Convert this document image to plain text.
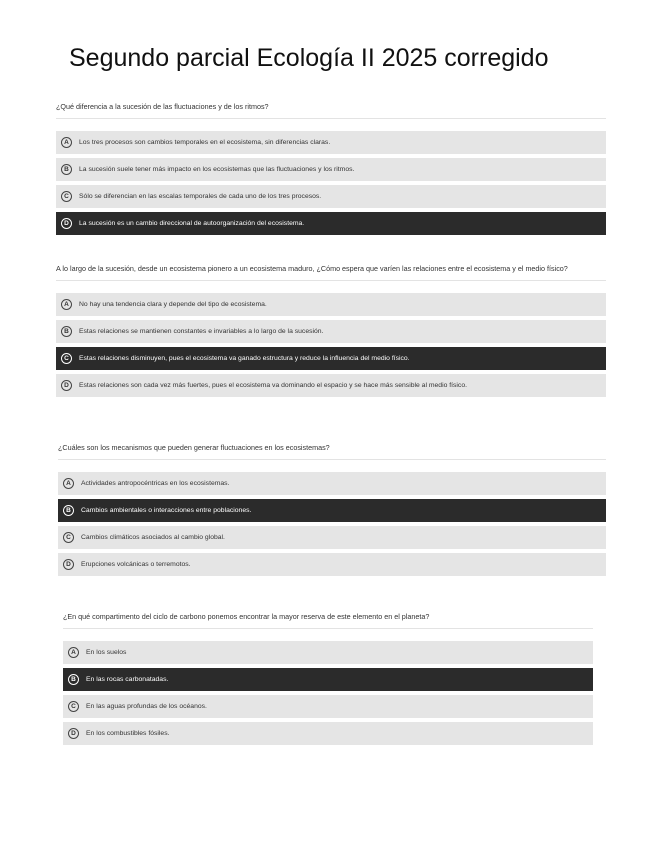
Segundo parcial Ecología II 2025 corregido
¿Qué diferencia a la sucesión de las fluctuaciones y de los ritmos?
A	Los tres procesos son cambios temporales en el ecosistema, sin diferencias claras.
B	La sucesión suele tener más impacto en los ecosistemas que las fluctuaciones y los ritmos.
C	Sólo se diferencian en las escalas temporales de cada uno de los tres procesos.
D	La sucesión es un cambio direccional de autoorganización del ecosistema.
A lo largo de la sucesión, desde un ecosistema pionero a un ecosistema maduro, ¿Cómo espera que varíen las relaciones entre el ecosistema y el medio físico?
A	No hay una tendencia clara y depende del tipo de ecosistema.
B	Estas relaciones se mantienen constantes e invariables a lo largo de la sucesión.
C	Estas relaciones disminuyen, pues el ecosistema va ganado estructura y reduce la influencia del medio físico.
D	Estas relaciones son cada vez más fuertes, pues el ecosistema va dominando el espacio y se hace más sensible al medio físico.
¿Cuáles son los mecanismos que pueden generar fluctuaciones en los ecosistemas?
A	Actividades antropocéntricas en los ecosistemas.
B	Cambios ambientales o interacciones entre poblaciones.
C	Cambios climáticos asociados al cambio global.
D	Erupciones volcánicas o terremotos.
¿En qué compartimento del ciclo de carbono ponemos encontrar la mayor reserva de este elemento en el planeta?
A	En los suelos
B	En las rocas carbonatadas.
C	En las aguas profundas de los océanos.
D	En los combustibles fósiles.
